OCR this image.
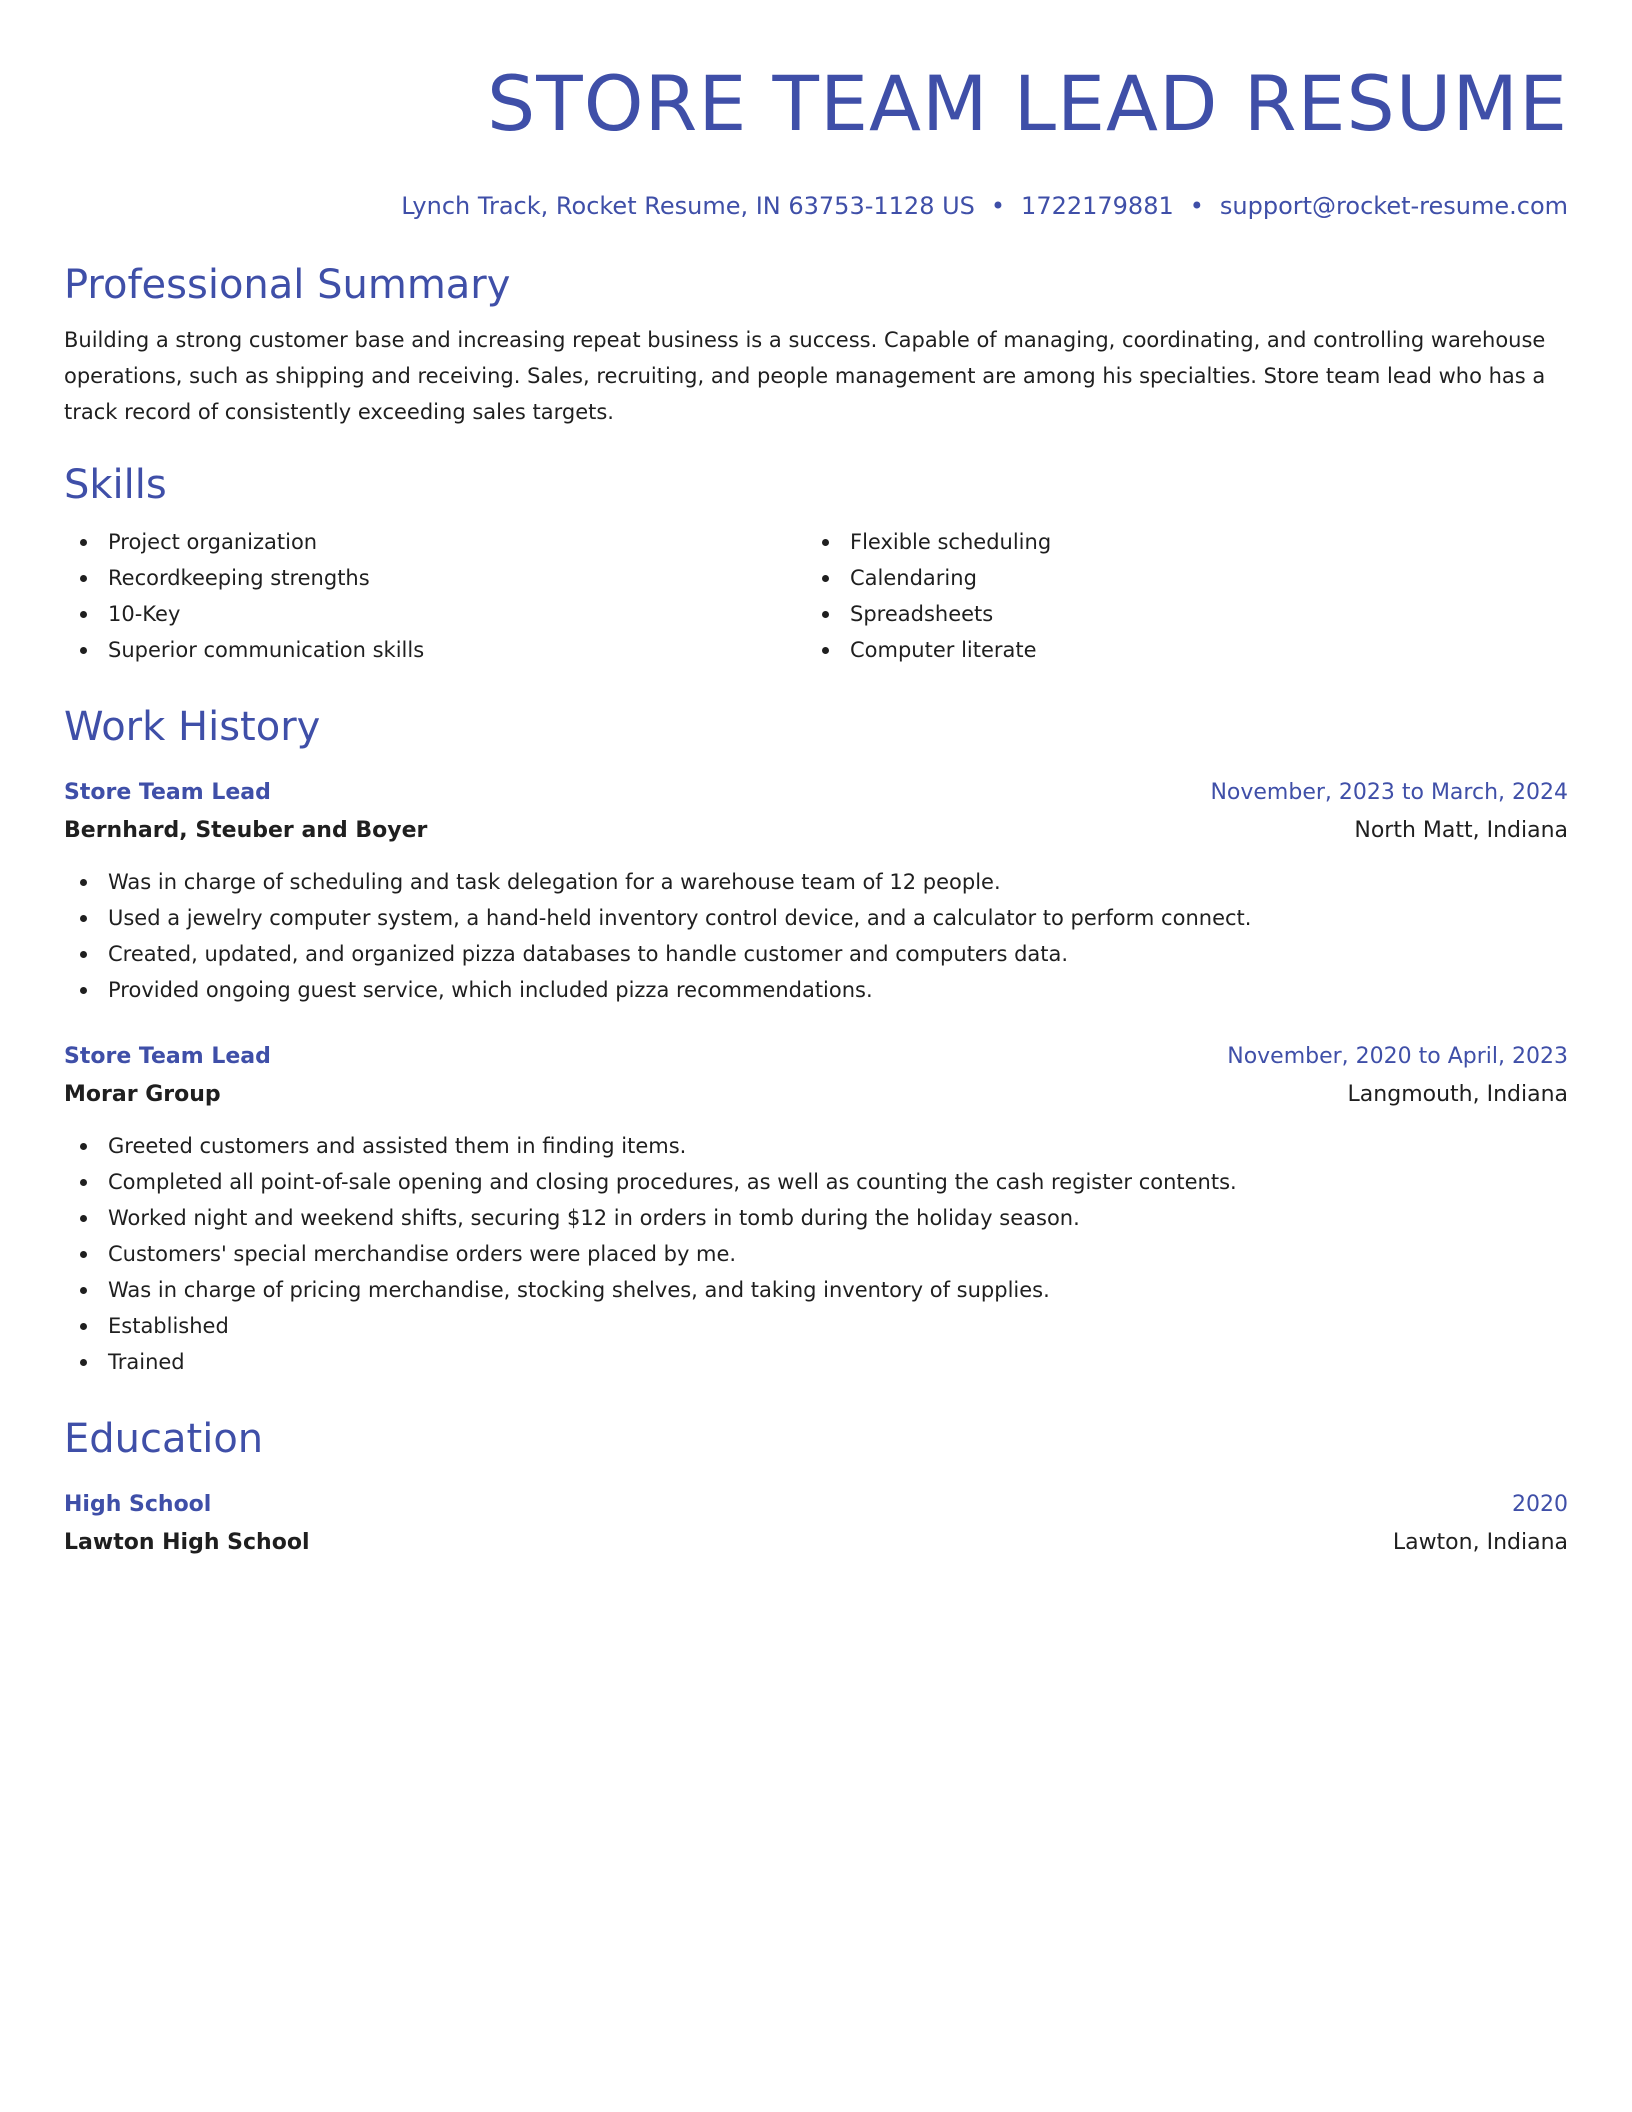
STORE TEAM LEAD RESUME
Lynch Track, Rocket Resume, IN 63753-1128 US • 1722179881 • support@rocket-resume.com
Professional Summary

Building a strong customer base and increasing repeat business is a success. Capable of managing, coordinating, and controlling warehouse operations, such as shipping and receiving. Sales, recruiting, and people management are among his specialties. Store team lead who has a track record of consistently exceeding sales targets.

Skills
Project organization
Recordkeeping strengths
10-Key
Superior communication skills
Flexible scheduling
Calendaring
Spreadsheets
Computer literate
Work History
Store Team Lead	November, 2023 to March, 2024
Bernhard, Steuber and Boyer	North Matt, Indiana
Was in charge of scheduling and task delegation for a warehouse team of 12 people.
Used a jewelry computer system, a hand-held inventory control device, and a calculator to perform connect.
Created, updated, and organized pizza databases to handle customer and computers data.
Provided ongoing guest service, which included pizza recommendations.
Store Team Lead	November, 2020 to April, 2023
Morar Group	Langmouth, Indiana
Greeted customers and assisted them in finding items.
Completed all point-of-sale opening and closing procedures, as well as counting the cash register contents.
Worked night and weekend shifts, securing $12 in orders in tomb during the holiday season.
Customers' special merchandise orders were placed by me.
Was in charge of pricing merchandise, stocking shelves, and taking inventory of supplies.
Established
Trained
Education
High School	2020
Lawton High School	Lawton, Indiana
